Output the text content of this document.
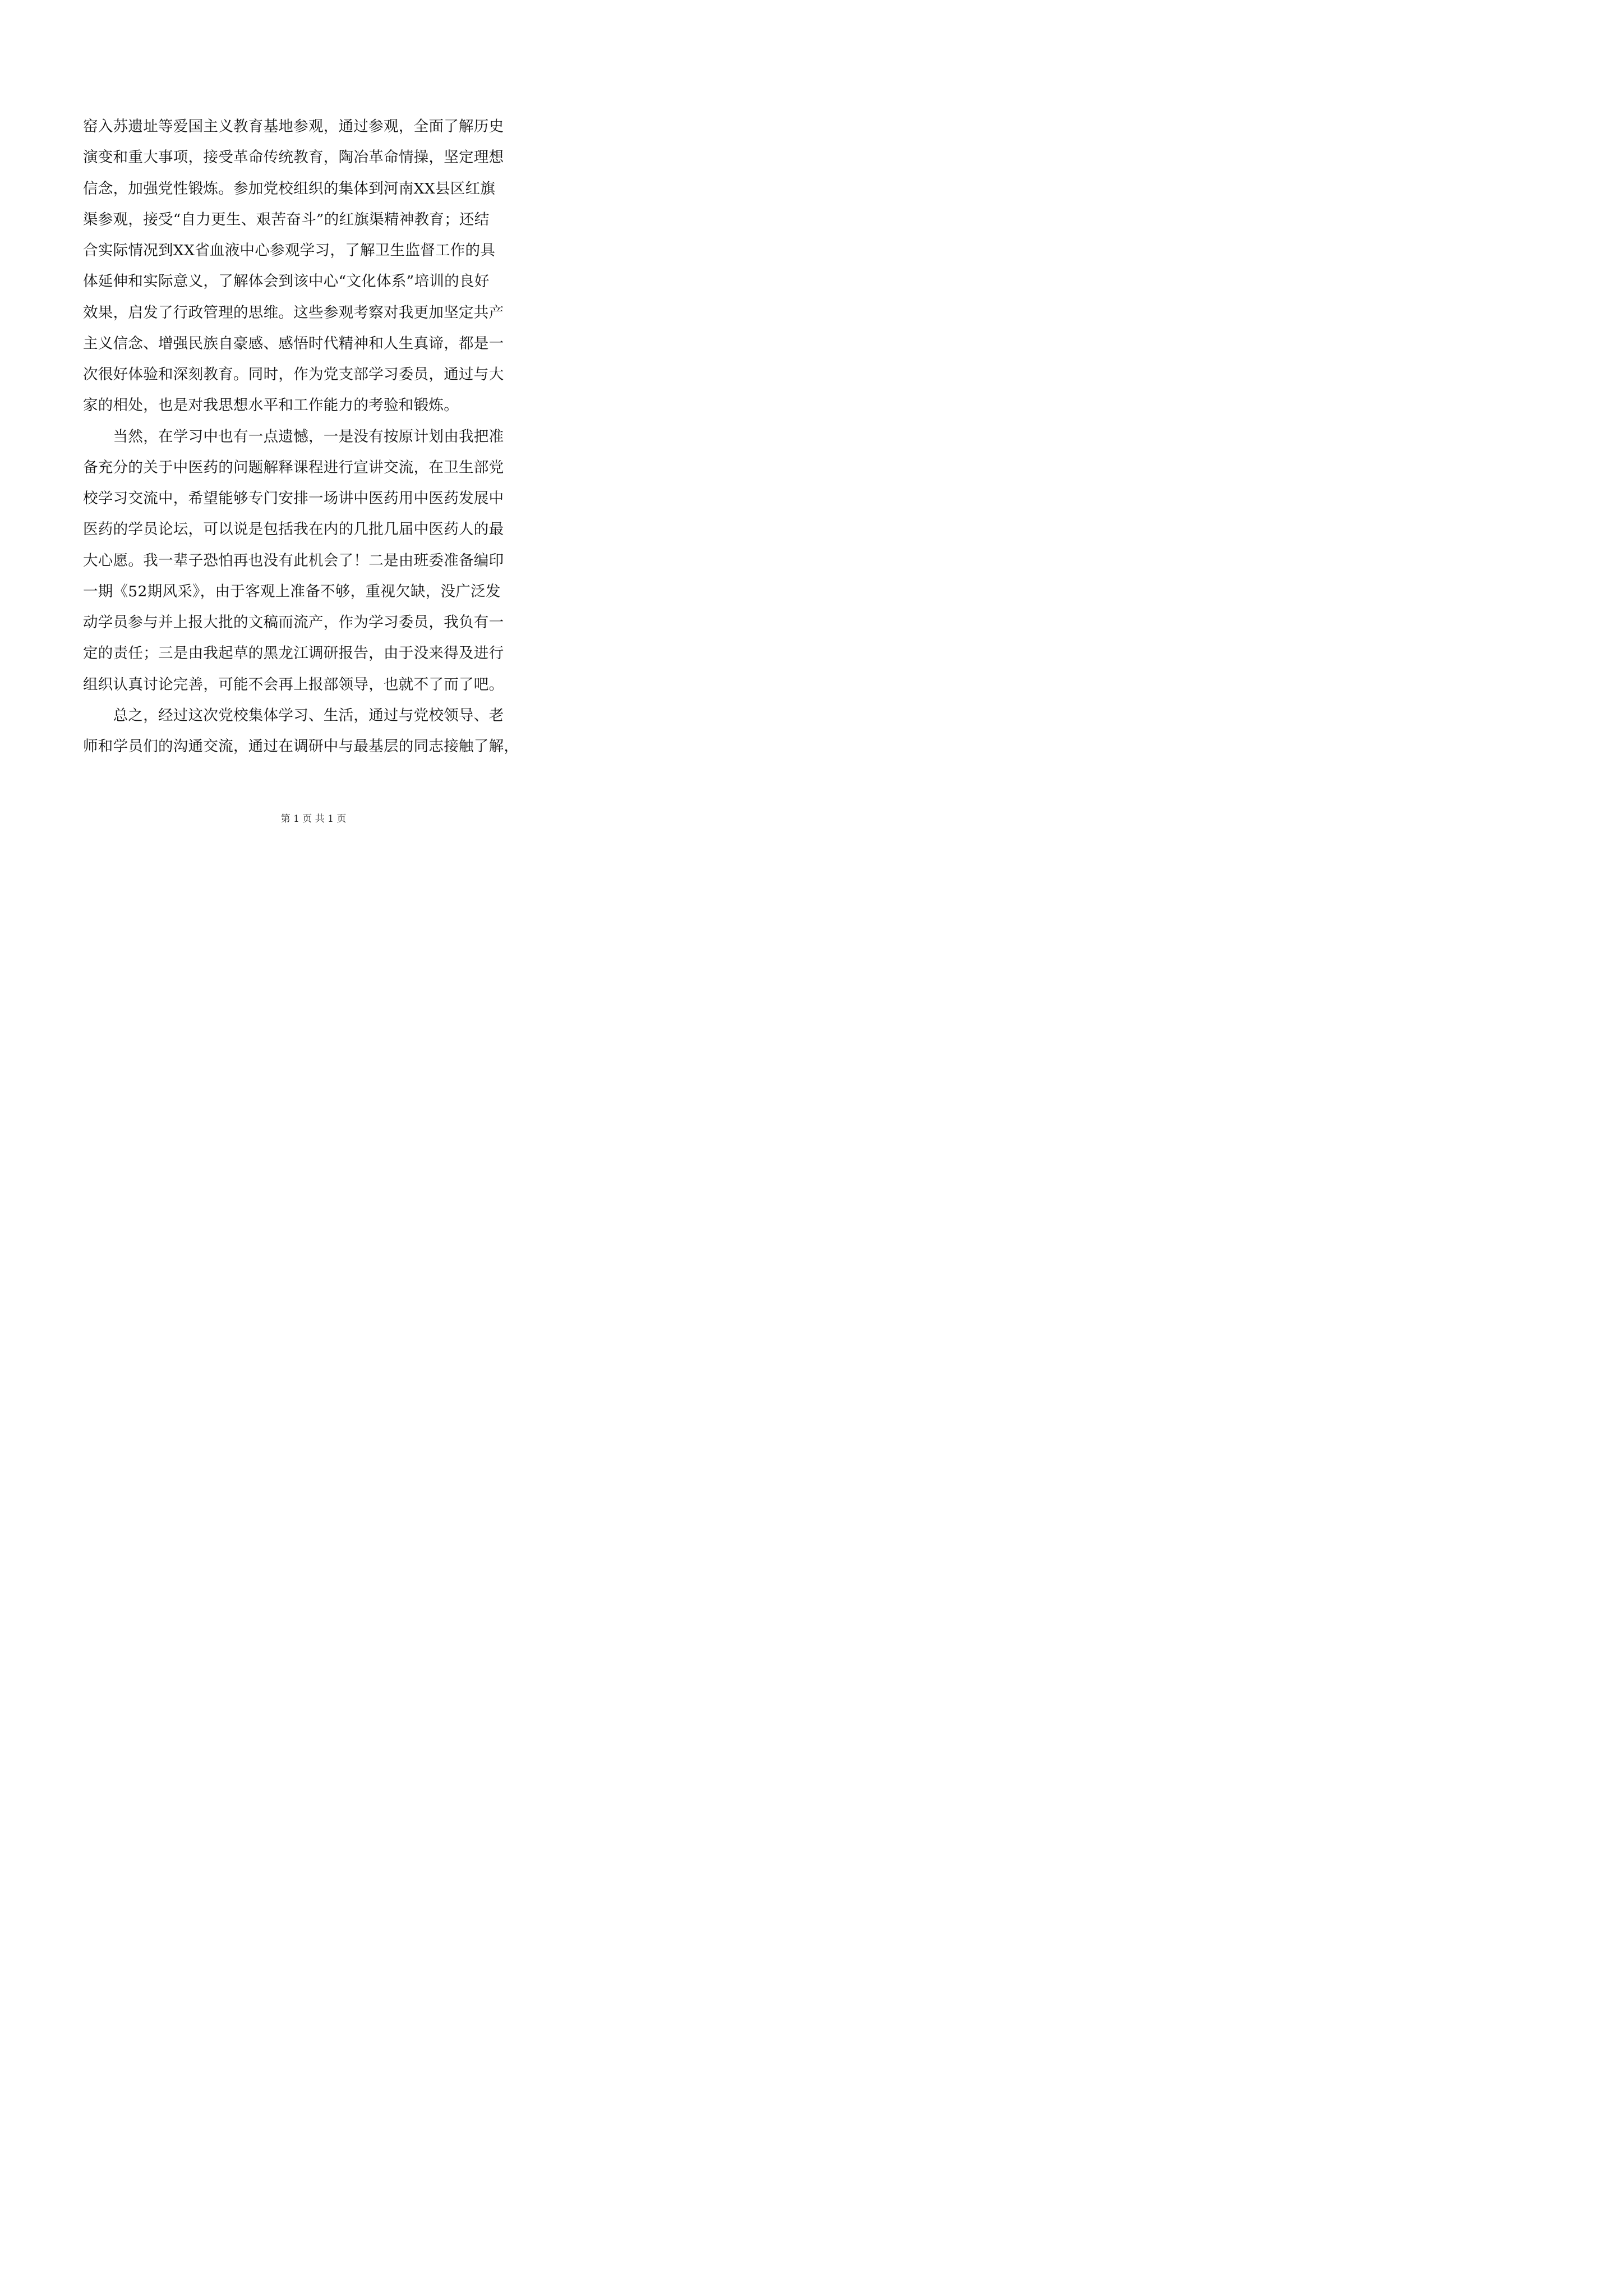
窑入苏遗址等爱国主义教育基地参观，通过参观，全面了解历史
演变和重大事项，接受革命传统教育，陶冶革命情操，坚定理想
信念，加强党性锻炼。参加党校组织的集体到河南XX县区红旗
渠参观，接受“自力更生、艰苦奋斗”的红旗渠精神教育；还结
合实际情况到XX省血液中心参观学习，了解卫生监督工作的具
体延伸和实际意义，了解体会到该中心“文化体系”培训的良好
效果，启发了行政管理的思维。这些参观考察对我更加坚定共产
主义信念、增强民族自豪感、感悟时代精神和人生真谛，都是一
次很好体验和深刻教育。同时，作为党支部学习委员，通过与大
家的相处，也是对我思想水平和工作能力的考验和锻炼。
　　当然，在学习中也有一点遗憾，一是没有按原计划由我把准
备充分的关于中医药的问题解释课程进行宣讲交流，在卫生部党
校学习交流中，希望能够专门安排一场讲中医药用中医药发展中
医药的学员论坛，可以说是包括我在内的几批几届中医药人的最
大心愿。我一辈子恐怕再也没有此机会了！二是由班委准备编印
一期《52期风采》，由于客观上准备不够，重视欠缺，没广泛发
动学员参与并上报大批的文稿而流产，作为学习委员，我负有一
定的责任；三是由我起草的黑龙江调研报告，由于没来得及进行
组织认真讨论完善，可能不会再上报部领导，也就不了而了吧。
　　总之，经过这次党校集体学习、生活，通过与党校领导、老
师和学员们的沟通交流，通过在调研中与最基层的同志接触了解，
第 1 页 共 1 页
